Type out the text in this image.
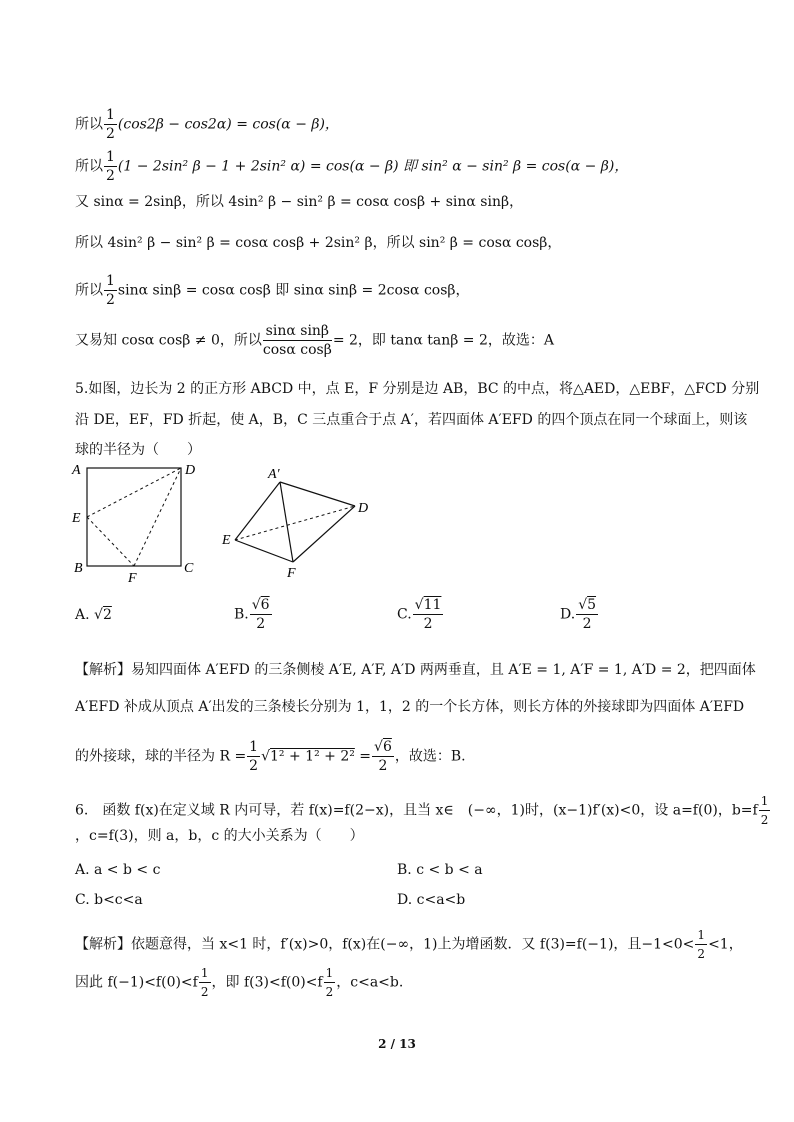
所以 $\frac{1}{2} (\cos 2\beta - \cos 2\alpha) = \cos(\alpha - \beta)$，
所以 $\frac{1}{2} (1 - 2\sin^2$ β − 1 + 2sin² α) = cos(α − β) 即 sin² α − sin² β = cos(α − β)，
又 sinα = 2sinβ，所以 4sin² β − sin² β = cosα cosβ + sinα sinβ，
所以 4sin² β − sin² β = cosα cosβ + 2sin² β，所以 sin² β = cosα cosβ，
所以 $\frac{1}{2}$ sinα sinβ = cosα cosβ 即 sinα sinβ = 2cosα cosβ，
又易知 cosα cosβ ≠ 0，所以 $\frac{\text{sinα sinβ}}{\text{cosα cosβ}} = 2$，即 tanα tanβ = 2，故选：A
5.如图，边长为 2 的正方形 ABCD 中，点 E，F 分别是边 AB，BC 的中点，将△AED，△EBF，△FCD 分别
沿 DE，EF，FD 折起，使 A，B，C 三点重合于点 A′，若四面体 A′EFD 的四个顶点在同一个球面上，则该
球的半径为（　　）
A	D
E
B
F
C
A′
D
E
F
A. √2	B. $\frac{√6}{2}$	C. $\frac{√11}{2}$	D. $\frac{√5}{2}$
【解析】易知四面体 A′EFD 的三条侧棱 A′E, A′F, A′D 两两垂直，且 A′E = 1, A′F = 1, A′D = 2，把四面体
A′EFD 补成从顶点 A′出发的三条棱长分别为 1，1，2 的一个长方体，则长方体的外接球即为四面体 A′EFD
的外接球，球的半径为 $R = \frac{1}{2} √1^2 + 1^2 + 2^2 = \frac{√6}{2}$ ，故选：B.
6.　函数 f(x)在定义域 R 内可导，若 f(x)=f(2−x)，且当 x∈　(−∞，1)时，(x−1)f′(x)<0，设 a=f(0)，$b=f \frac{1}{2}$
，c=f(3)，则 a，b，c 的大小关系为（　　）
A. a < b < c	B. c < b < a
C. b<c<a	D. c<a<b
【解析】依题意得，当 x<1 时，f′(x)>0，f(x)在(−∞，1)上为增函数．又 f(3)=f(−1)，且$-1<0< \frac{1}{2} <1$，
因此 $f(-1)<f(0)<f \frac{1}{2}$ ，即 $f(3)<f(0)<f \frac{1}{2}$ ，c<a<b.
2 / 13
